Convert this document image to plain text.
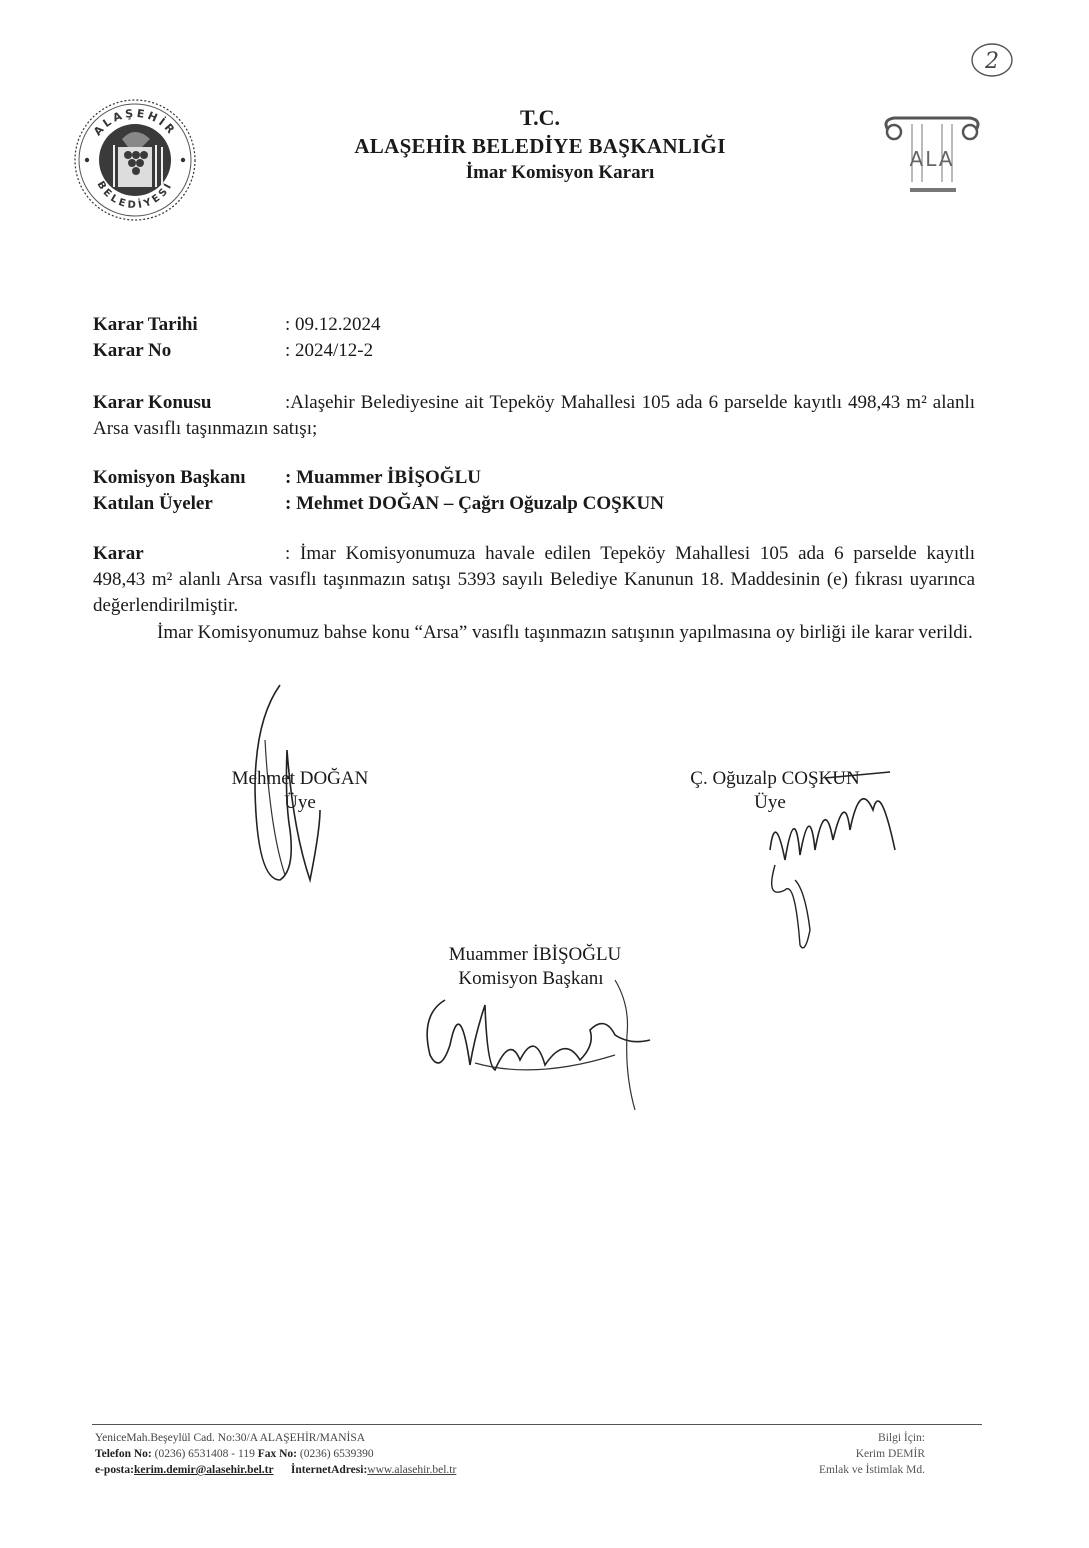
2
ALAŞEHİR
BELEDİYESİ
ALA
T.C.
ALAŞEHİR BELEDİYE BAŞKANLIĞI
İmar Komisyon Kararı
Karar Tarihi	: 09.12.2024
Karar No	: 2024/12-2
Karar Konusu	:Alaşehir Belediyesine ait Tepeköy Mahallesi 105 ada 6 parselde kayıtlı 498,43 m² alanlı Arsa vasıflı taşınmazın satışı;
Komisyon Başkanı : Muammer İBİŞOĞLU
Katılan Üyeler	: Mehmet DOĞAN – Çağrı Oğuzalp COŞKUN
Karar	: İmar Komisyonumuza havale edilen Tepeköy Mahallesi 105 ada 6 parselde kayıtlı 498,43 m² alanlı Arsa vasıflı taşınmazın satışı 5393 sayılı Belediye Kanunun 18. Maddesinin (e) fıkrası uyarınca değerlendirilmiştir.
İmar Komisyonumuz bahse konu “Arsa” vasıflı taşınmazın satışının yapılmasına oy birliği ile karar verildi.
Mehmet DOĞAN
Üye
Ç. Oğuzalp COŞKUN
Üye
Muammer İBİŞOĞLU
Komisyon Başkanı
YeniceMah.Beşeylül Cad. No:30/A ALAŞEHİR/MANİSA
Telefon No: (0236) 6531408 - 119 Fax No: (0236) 6539390
e-posta:kerim.demir@alasehir.bel.tr İnternetAdresi:www.alasehir.bel.tr
Bilgi İçin:
Kerim DEMİR
Emlak ve İstimlak Md.
